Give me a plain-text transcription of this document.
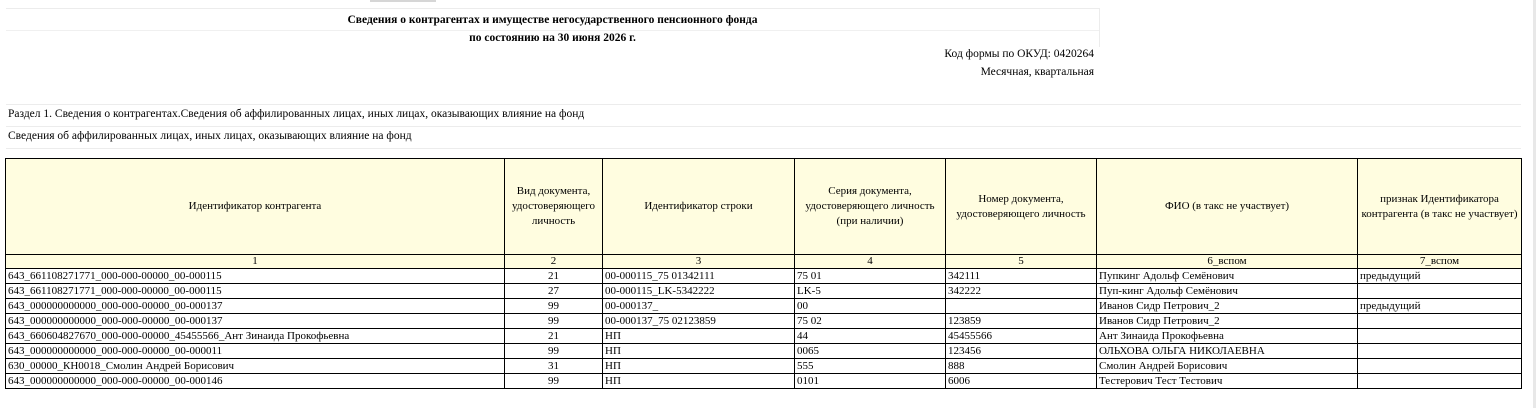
Сведения о контрагентах и имуществе негосударственного пенсионного фонда
по состоянию на 30 июня 2026 г.
Код формы по ОКУД: 0420264
Месячная, квартальная
Раздел 1. Сведения о контрагентах.Сведения об аффилированных лицах, иных лицах, оказывающих влияние на фонд
Сведения об аффилированных лицах, иных лицах, оказывающих влияние на фонд
Идентификатор контрагента	Вид документа, удостоверяющего личность	Идентификатор строки	Серия документа, удостоверяющего личность (при наличии)	Номер документа, удостоверяющего личность	ФИО (в такс не участвует)	признак Идентификатора контрагента (в такс не участвует)
1	2	3	4	5	6_вспом	7_вспом
643_661108271771_000-000-00000_00-000115	21	00-000115_75 01342111	75 01	342111	Пупкинг Адольф Семёнович	предыдущий
643_661108271771_000-000-00000_00-000115	27	00-000115_LK-5342222	LK-5	342222	Пуп-кинг Адольф Семёнович	
643_000000000000_000-000-00000_00-000137	99	00-000137_	00		Иванов Сидр Петрович_2	предыдущий
643_000000000000_000-000-00000_00-000137	99	00-000137_75 02123859	75 02	123859	Иванов Сидр Петрович_2	
643_660604827670_000-000-00000_45455566_Ант Зинаида Прокофьевна	21	НП	44	45455566	Ант Зинаида Прокофьевна	
643_000000000000_000-000-00000_00-000011	99	НП	0065	123456	ОЛЬХОВА ОЛЬГА НИКОЛАЕВНА	
630_00000_КН0018_Смолин Андрей Борисович	31	НП	555	888	Смолин Андрей Борисович	
643_000000000000_000-000-00000_00-000146	99	НП	0101	6006	Тестерович Тест Тестович	
